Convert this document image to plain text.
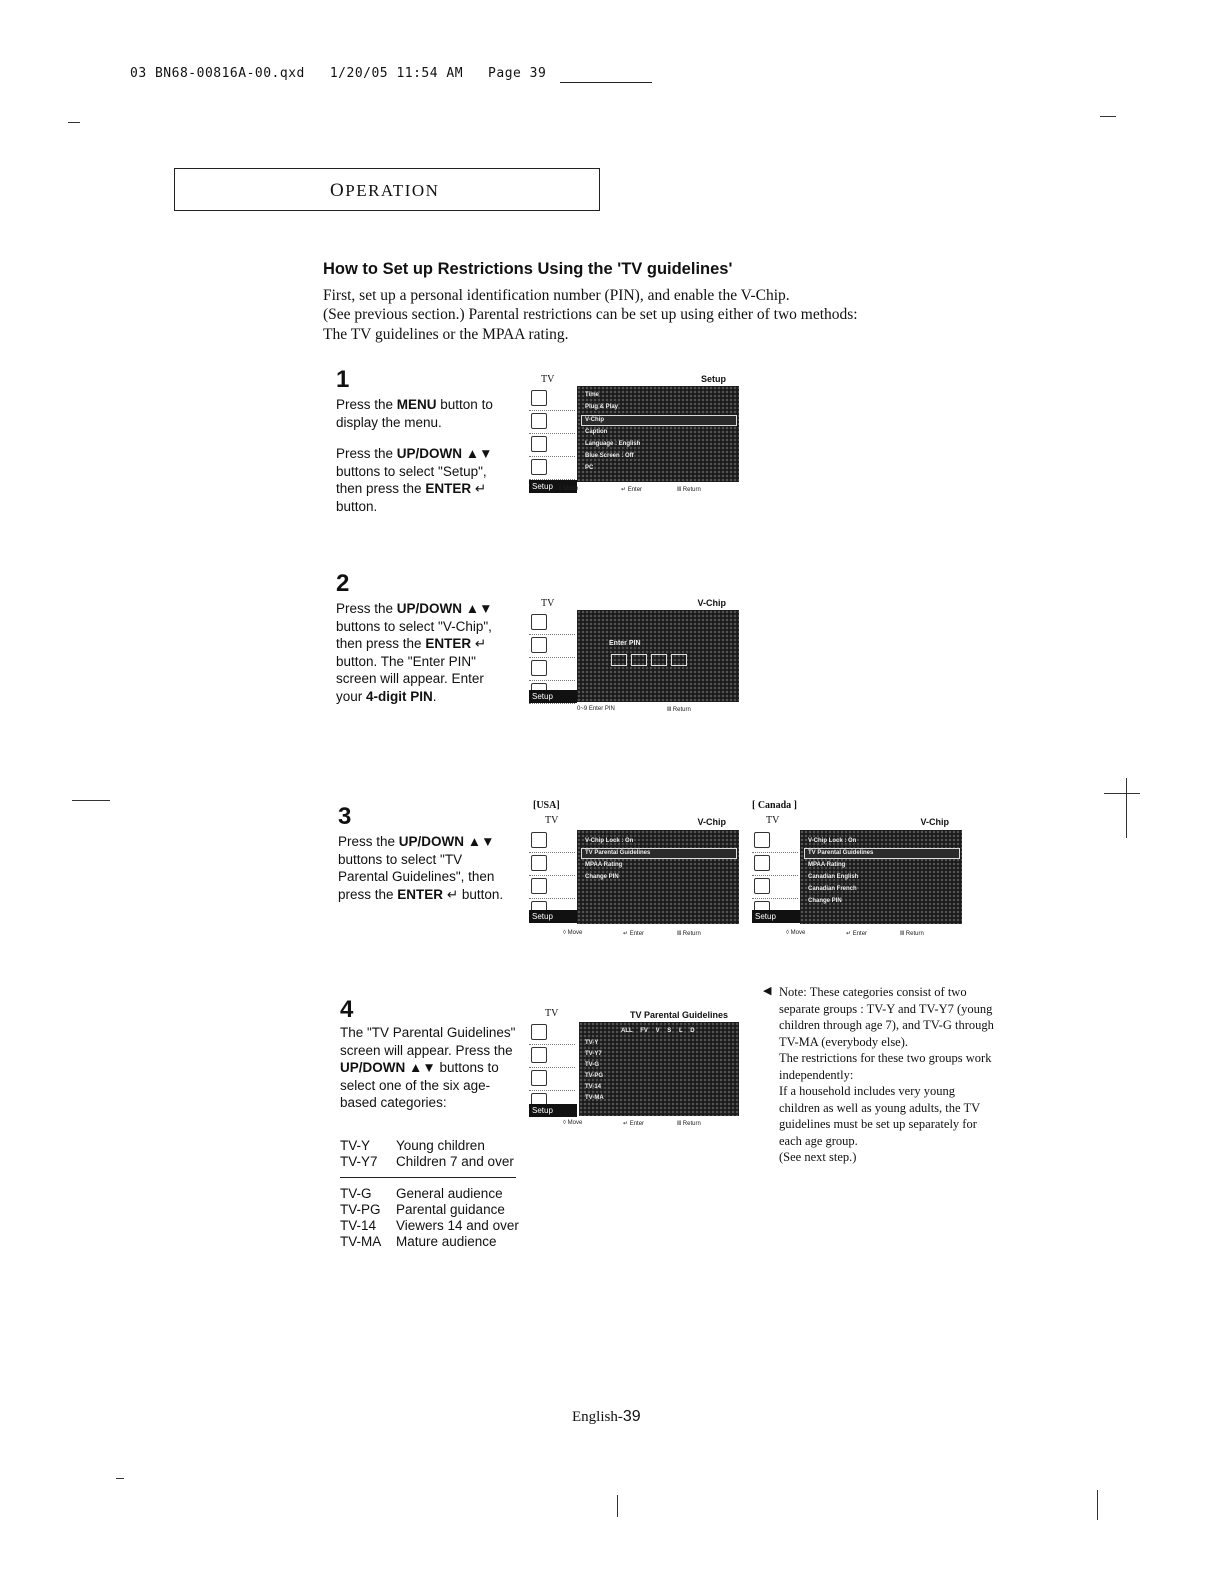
03 BN68-00816A-00.qxd   1/20/05 11:54 AM   Page 39
OPERATION
How to Set up Restrictions Using the 'TV guidelines'
First, set up a personal identification number (PIN), and enable the V-Chip.
(See previous section.) Parental restrictions can be set up using either of two methods:
The TV guidelines or the MPAA rating.
1
Press the MENU button to display the menu.
Press the UP/DOWN ▲▼ buttons to select "Setup", then press the ENTER ↵ button.
TV	Setup
Setup
Time
Plug & Play
V-Chip
Caption
Language : English
Blue Screen : Off
PC
◊ Move	↵ Enter	Ⅲ Return
2
Press the UP/DOWN ▲▼ buttons to select "V-Chip", then press the ENTER ↵ button. The "Enter PIN" screen will appear. Enter your 4-digit PIN.
TV	V-Chip
Setup
Enter PIN
0~9 Enter PIN	Ⅲ Return
3
Press the UP/DOWN ▲▼ buttons to select "TV Parental Guidelines", then press the ENTER ↵ button.
[USA]
TV	V-Chip
Setup
V-Chip Lock : On
TV Parental Guidelines
MPAA Rating
Change PIN
◊ Move	↵ Enter	Ⅲ Return
[ Canada ]
TV	V-Chip
Setup
V-Chip Lock : On
TV Parental Guidelines
MPAA Rating
Canadian English
Canadian French
Change PIN
◊ Move	↵ Enter	Ⅲ Return
4
The "TV Parental Guidelines" screen will appear. Press the UP/DOWN ▲▼ buttons to select one of the six age-based categories:
TV-Y	Young children
TV-Y7	Children 7 and over
TV-G	General audience
TV-PG	Parental guidance
TV-14	Viewers 14 and over
TV-MA	Mature audience
TV	TV Parental Guidelines
Setup
ALL FV V S L D
TV-Y
TV-Y7
TV-G
TV-PG
TV-14
TV-MA
◊ Move	↵ Enter	Ⅲ Return
◀ Note: These categories consist of two separate groups : TV-Y and TV-Y7 (young children through age 7), and TV-G through TV-MA (everybody else).
The restrictions for these two groups work independently:
If a household includes very young children as well as young adults, the TV guidelines must be set up separately for each age group.
(See next step.)
English-39
